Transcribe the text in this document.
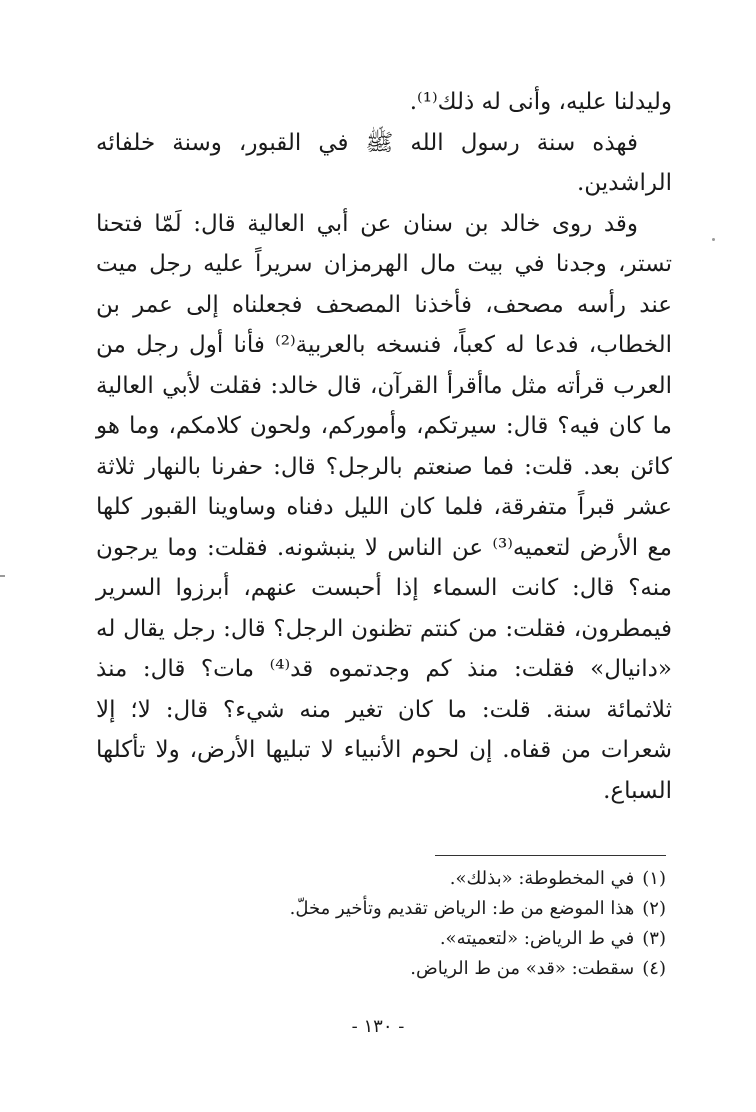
وليدلنا عليه، وأنى له ذلك⁽¹⁾.

فهذه سنة رسول الله ﷺ في القبور، وسنة خلفائه الراشدين.

وقد روى خالد بن سنان عن أبي العالية قال: لَمّا فتحنا تستر، وجدنا في بيت مال الهرمزان سريراً عليه رجل ميت عند رأسه مصحف، فأخذنا المصحف فجعلناه إلى عمر بن الخطاب، فدعا له كعباً، فنسخه بالعربية⁽²⁾ فأنا أول رجل من العرب قرأته مثل ماأقرأ القرآن، قال خالد: فقلت لأبي العالية ما كان فيه؟ قال: سيرتكم، وأموركم، ولحون كلامكم، وما هو كائن بعد. قلت: فما صنعتم بالرجل؟ قال: حفرنا بالنهار ثلاثة عشر قبراً متفرقة، فلما كان الليل دفناه وساوينا القبور كلها مع الأرض لتعميه⁽³⁾ عن الناس لا ينبشونه. فقلت: وما يرجون منه؟ قال: كانت السماء إذا أحبست عنهم، أبرزوا السرير فيمطرون، فقلت: من كنتم تظنون الرجل؟ قال: رجل يقال له «دانيال» فقلت: منذ كم وجدتموه قد⁽⁴⁾ مات؟ قال: منذ ثلاثمائة سنة. قلت: ما كان تغير منه شيء؟ قال: لا؛ إلا شعرات من قفاه. إن لحوم الأنبياء لا تبليها الأرض، ولا تأكلها السباع.

(١)في المخطوطة: «بذلك».

(٢)هذا الموضع من ط: الرياض تقديم وتأخير مخلّ.

(٣)في ط الرياض: «لتعميته».

(٤)سقطت: «قد» من ط الرياض.

- ١٣٠ -
